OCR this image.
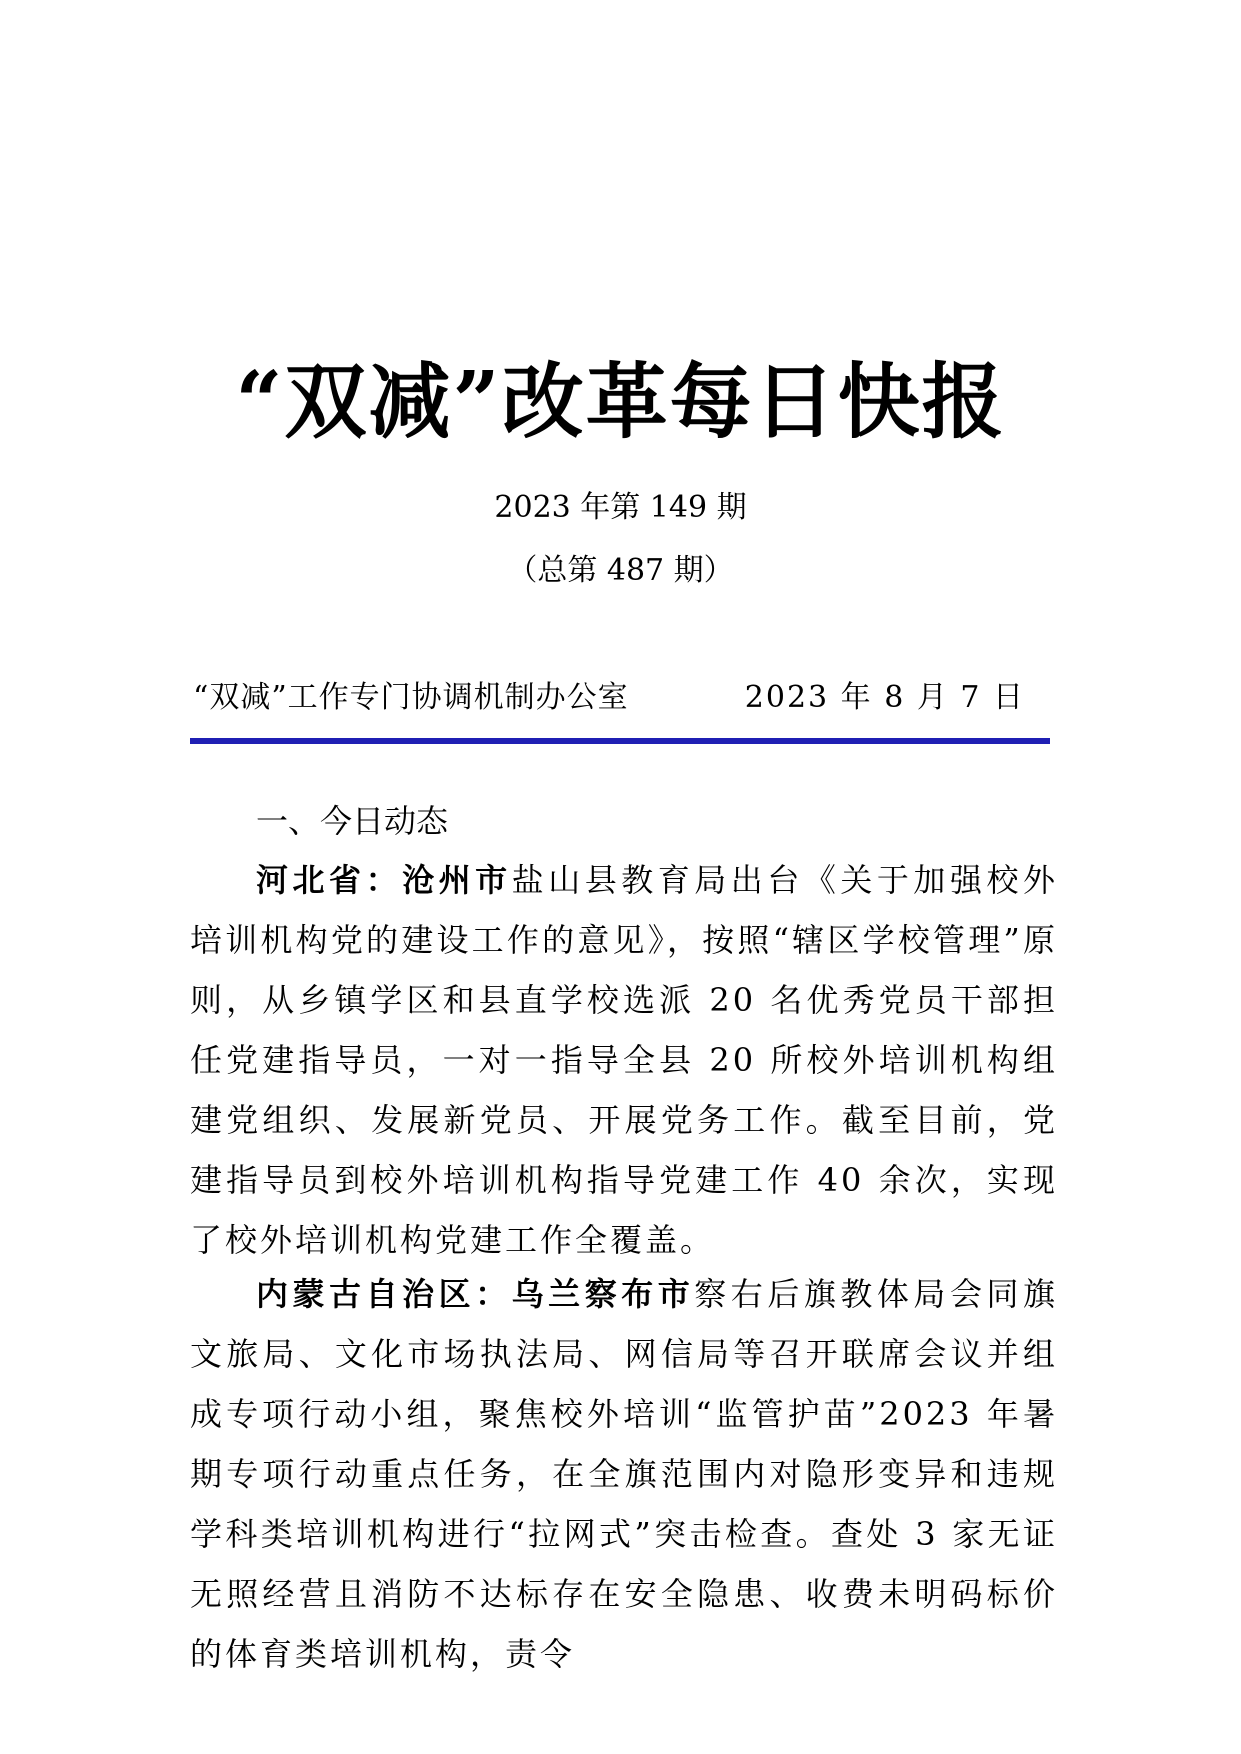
“双减”改革每日快报
2023 年第 149 期
（总第 487 期）
“双减”工作专门协调机制办公室	2023 年 8 月 7 日
一、今日动态

河北省：沧州市盐山县教育局出台《关于加强校外培训机构党的建设工作的意见》，按照“辖区学校管理”原则，从乡镇学区和县直学校选派 20 名优秀党员干部担任党建指导员，一对一指导全县 20 所校外培训机构组建党组织、发展新党员、开展党务工作。截至目前，党建指导员到校外培训机构指导党建工作 40 余次，实现了校外培训机构党建工作全覆盖。

内蒙古自治区：乌兰察布市察右后旗教体局会同旗文旅局、文化市场执法局、网信局等召开联席会议并组成专项行动小组，聚焦校外培训“监管护苗”2023 年暑期专项行动重点任务，在全旗范围内对隐形变异和违规学科类培训机构进行“拉网式”突击检查。查处 3 家无证无照经营且消防不达标存在安全隐患、收费未明码标价的体育类培训机构，责令
